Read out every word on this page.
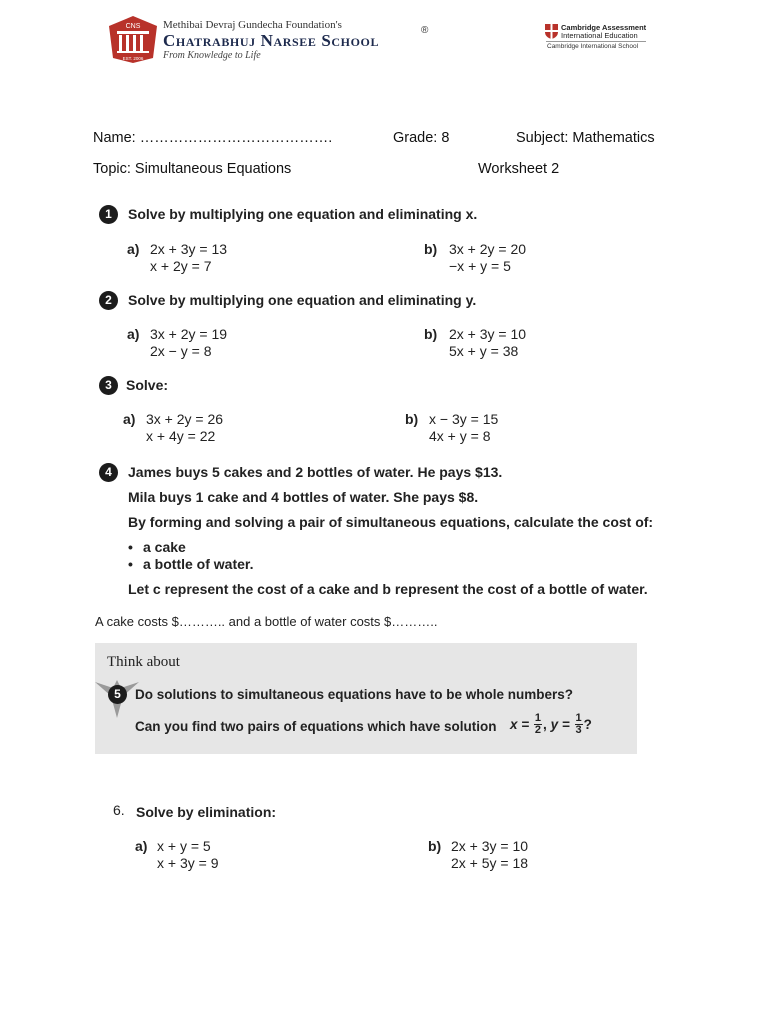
CNS
EST. 2006
Methibai Devraj Gundecha Foundation's
Chatrabhuj Narsee School
®
From Knowledge to Life
Cambridge Assessment
International Education
Cambridge International School
Name: ………………………………….	Grade: 8	Subject: Mathematics
Topic: Simultaneous Equations	Worksheet 2
1	Solve by multiplying one equation and eliminating x.
a) 2x + 3y = 13
x + 2y = 7
b) 3x + 2y = 20
−x + y = 5
2	Solve by multiplying one equation and eliminating y.
a) 3x + 2y = 19
2x − y = 8
b) 2x + 3y = 10
5x + y = 38
3	Solve:
a) 3x + 2y = 26
x + 4y = 22
b) x − 3y = 15
4x + y = 8
4	James buys 5 cakes and 2 bottles of water. He pays $13.
Mila buys 1 cake and 4 bottles of water. She pays $8.
By forming and solving a pair of simultaneous equations, calculate the cost of:
• a cake
• a bottle of water.
Let c represent the cost of a cake and b represent the cost of a bottle of water.
A cake costs $……….. and a bottle of water costs $………..
Think about
5	Do solutions to simultaneous equations have to be whole numbers?
Can you find two pairs of equations which have solution $x = \frac{1}{2}$ , $y = \frac{1}{3}$ ?
6. Solve by elimination:
a) x + y = 5
x + 3y = 9
b) 2x + 3y = 10
2x + 5y = 18
